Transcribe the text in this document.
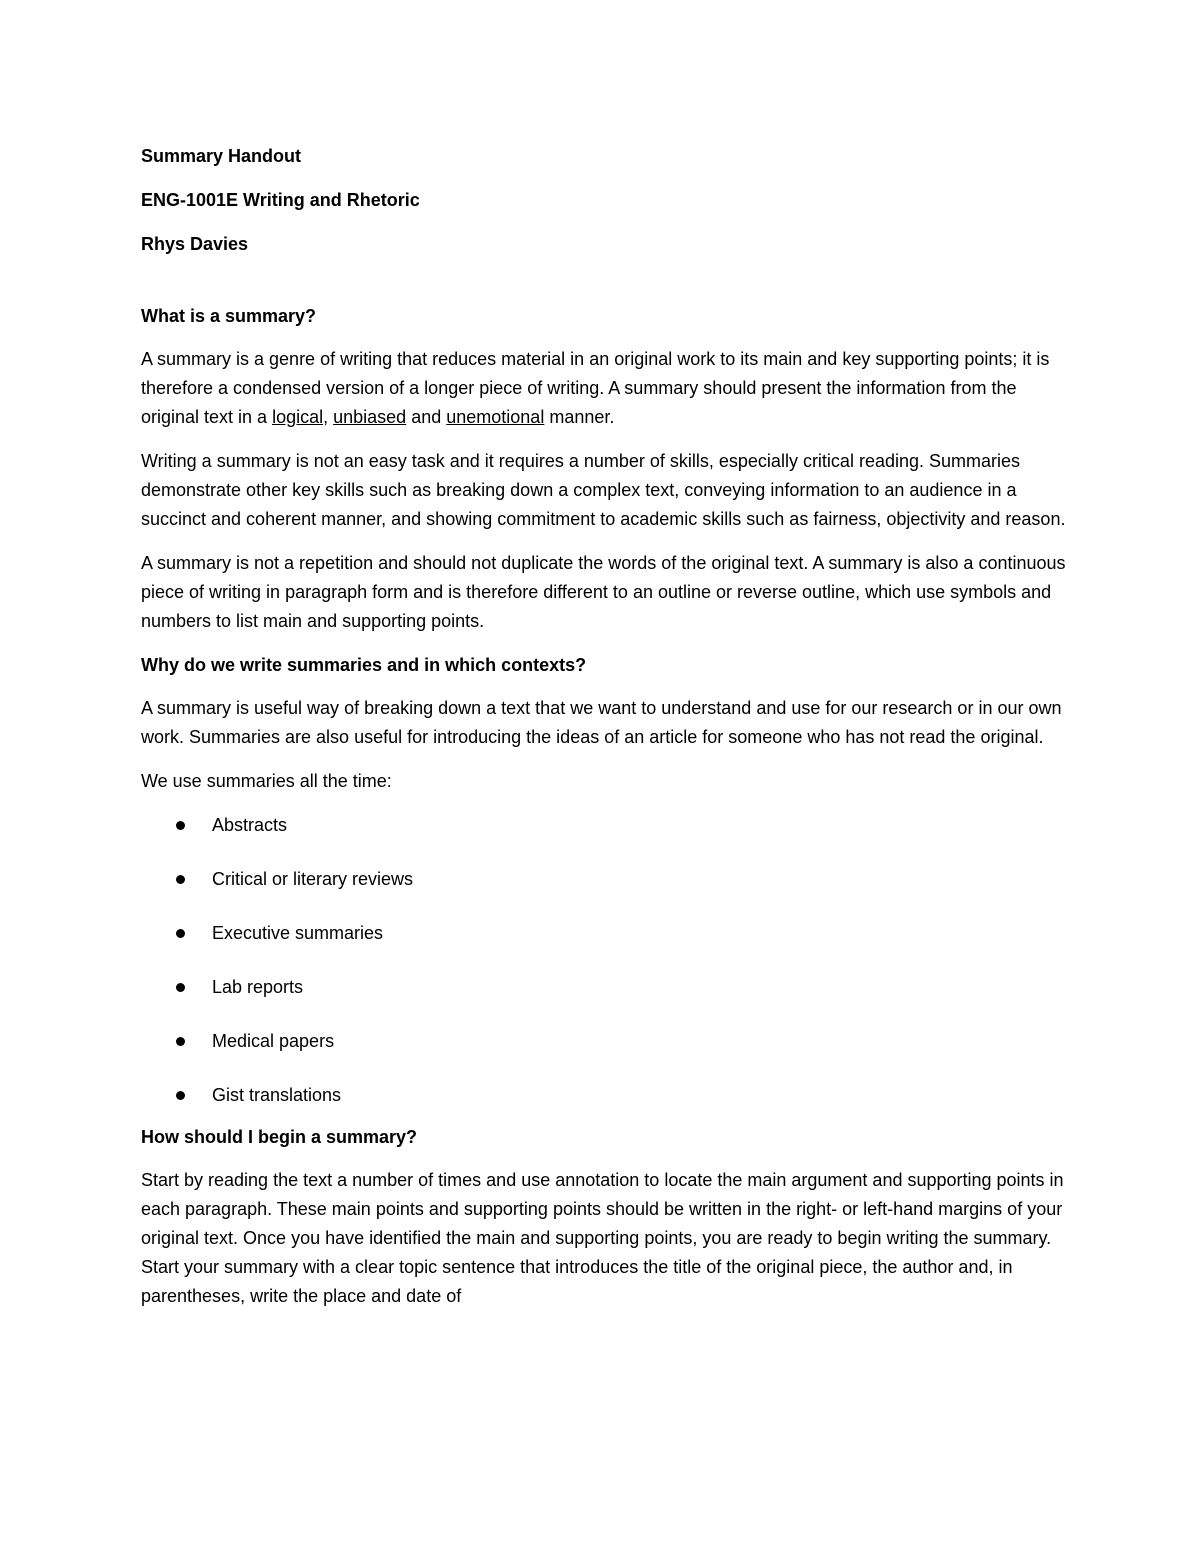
Summary Handout
ENG-1001E Writing and Rhetoric
Rhys Davies
What is a summary?

A summary is a genre of writing that reduces material in an original work to its main and key supporting points; it is therefore a condensed version of a longer piece of writing. A summary should present the information from the original text in a logical, unbiased and unemotional manner.

Writing a summary is not an easy task and it requires a number of skills, especially critical reading. Summaries demonstrate other key skills such as breaking down a complex text, conveying information to an audience in a succinct and coherent manner, and showing commitment to academic skills such as fairness, objectivity and reason.

A summary is not a repetition and should not duplicate the words of the original text. A summary is also a continuous piece of writing in paragraph form and is therefore different to an outline or reverse outline, which use symbols and numbers to list main and supporting points.

Why do we write summaries and in which contexts?

A summary is useful way of breaking down a text that we want to understand and use for our research or in our own work. Summaries are also useful for introducing the ideas of an article for someone who has not read the original.

We use summaries all the time:

Abstracts
Critical or literary reviews
Executive summaries
Lab reports
Medical papers
Gist translations
How should I begin a summary?

Start by reading the text a number of times and use annotation to locate the main argument and supporting points in each paragraph. These main points and supporting points should be written in the right- or left-hand margins of your original text. Once you have identified the main and supporting points, you are ready to begin writing the summary. Start your summary with a clear topic sentence that introduces the title of the original piece, the author and, in parentheses, write the place and date of
